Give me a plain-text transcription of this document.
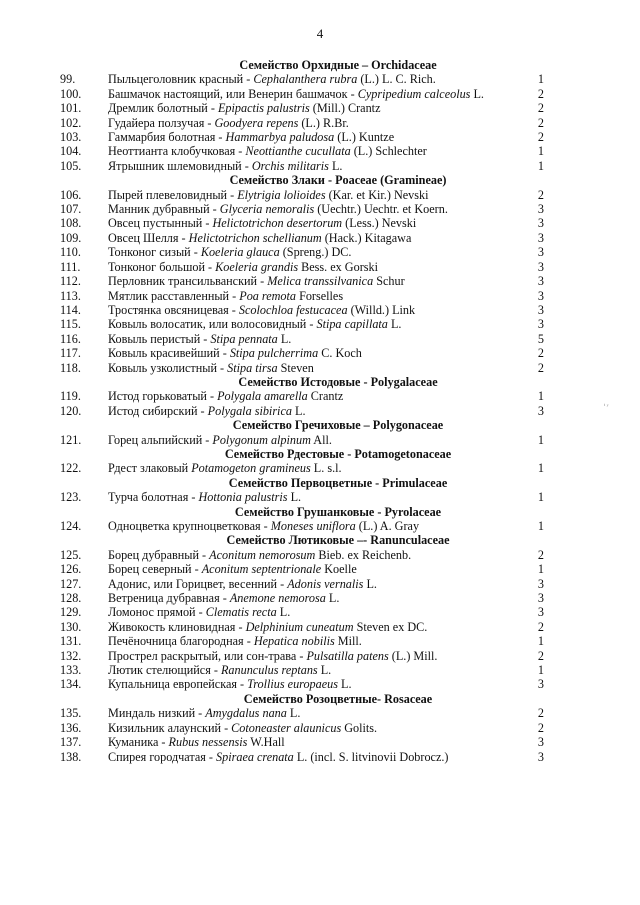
4
Семейство Орхидные – Orchidaceae
99.	Пыльцеголовник красный - Cephalanthera rubra (L.) L. C. Rich.	1
100. Башмачок настоящий, или Венерин башмачок - Cypripedium calceolus L.	2
101. Дремлик болотный - Epipactis palustris (Mill.) Crantz	2
102. Гудайера ползучая - Goodyera repens (L.) R.Br.	2
103. Гаммарбия болотная - Hammarbya paludosa (L.) Kuntze	2
104. Неоттианта клобучковая - Neottianthe cucullata (L.) Schlechter	1
105. Ятрышник шлемовидный - Orchis militaris L.	1
Семейство Злаки - Poaceae (Gramineae)
106. Пырей плевеловидный - Elytrigia lolioides (Kar. et Kir.) Nevski	2
107. Манник дубравный - Glyceria nemoralis (Uechtr.) Uechtr. et Koern.	3
108. Овсец пустынный - Helictotrichon desertorum (Less.) Nevski	3
109. Овсец Шелля - Helictotrichon schellianum (Hack.) Kitagawa	3
110. Тонконог сизый - Koeleria glauca (Spreng.) DC.	3
111. Тонконог большой - Koeleria grandis Bess. ex Gorski	3
112. Перловник трансильванский - Melica transsilvanica Schur	3
113. Мятлик расставленный - Poa remota Forselles	3
114. Тростянка овсяницевая - Scolochloa festucacea (Willd.) Link	3
115. Ковыль волосатик, или волосовидный - Stipa capillata L.	3
116. Ковыль перистый - Stipa pennata L.	5
117. Ковыль красивейший - Stipa pulcherrima C. Koch	2
118. Ковыль узколистный - Stipa tirsa Steven	2
Семейство Истодовые - Polygalaceae
119. Истод горьковатый - Polygala amarella Crantz	1
120. Истод сибирский - Polygala sibirica L.	3
Семейство Гречиховые – Polygonaceae
121. Горец альпийский - Polygonum alpinum All.	1
Семейство Рдестовые - Potamogetonaceae
122. Рдест злаковый Potamogeton gramineus L. s.l.	1
Семейство Первоцветные - Primulaceae
123. Турча болотная - Hottonia palustris L.	1
Семейство Грушанковые - Pyrolaceae
124. Одноцветка крупноцветковая - Moneses uniflora (L.) A. Gray	1
Семейство Лютиковые –- Ranunculaceae
125. Борец дубравный - Aconitum nemorosum Bieb. ex Reichenb.	2
126. Борец северный - Aconitum septentrionale Koelle	1
127. Адонис, или Горицвет, весенний - Adonis vernalis L.	3
128. Ветреница дубравная - Anemone nemorosa L.	3
129. Ломонос прямой - Clematis recta L.	3
130. Живокость клиновидная - Delphinium cuneatum Steven ex DC.	2
131. Печёночница благородная - Hepatica nobilis Mill.	1
132. Прострел раскрытый, или сон-трава - Pulsatilla patens (L.) Mill.	2
133. Лютик стелющийся - Ranunculus reptans L.	1
134. Купальница европейская - Trollius europaeus L.	3
Семейство Розоцветные- Rosaceae
135. Миндаль низкий - Amygdalus nana L.	2
136. Кизильник алаунский - Cotoneaster alaunicus Golits.	2
137. Куманика - Rubus nessensis W.Hall	3
138. Спирея городчатая - Spiraea crenata L. (incl. S. litvinovii Dobrocz.)	3
ⁱ ʸ
